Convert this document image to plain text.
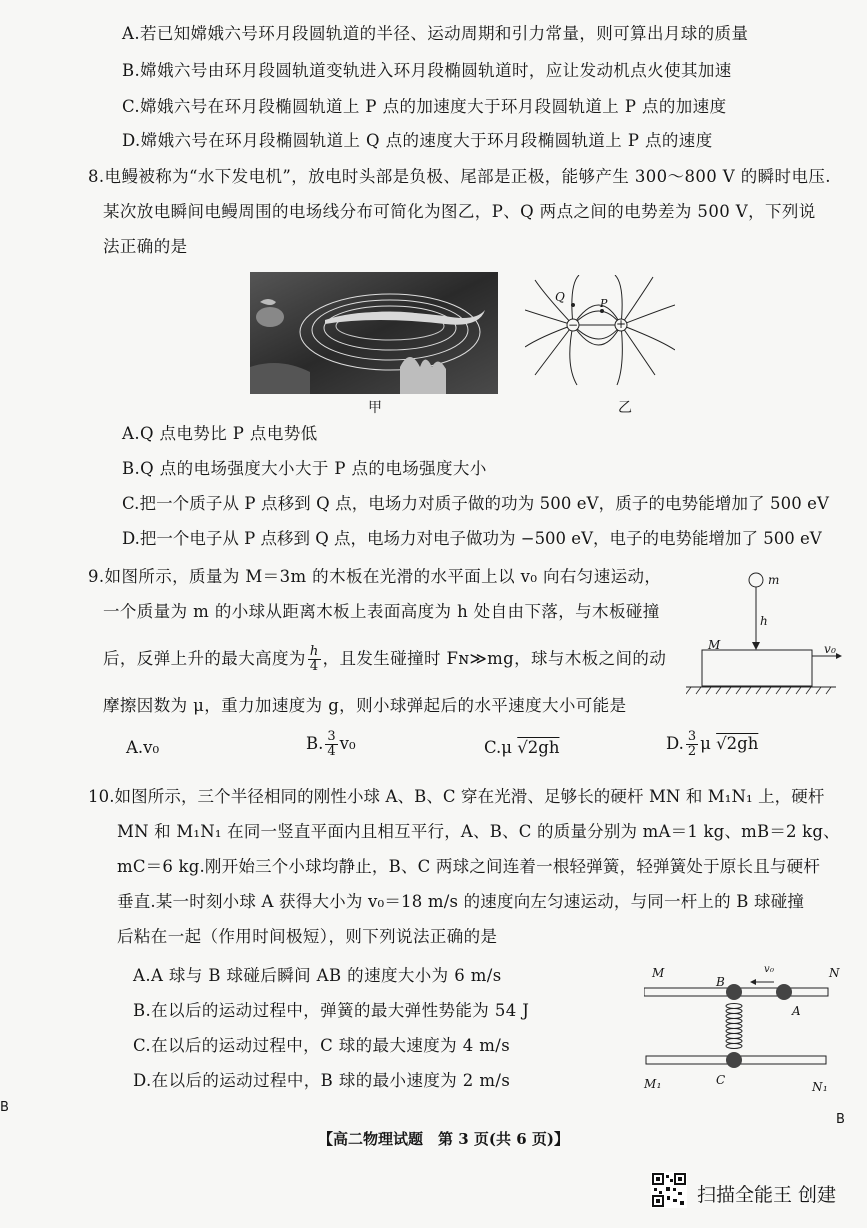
A.若已知嫦娥六号环月段圆轨道的半径、运动周期和引力常量，则可算出月球的质量
B.嫦娥六号由环月段圆轨道变轨进入环月段椭圆轨道时，应让发动机点火使其加速
C.嫦娥六号在环月段椭圆轨道上 P 点的加速度大于环月段圆轨道上 P 点的加速度
D.嫦娥六号在环月段椭圆轨道上 Q 点的速度大于环月段椭圆轨道上 P 点的速度
8.电鳗被称为“水下发电机”，放电时头部是负极、尾部是正极，能够产生 300～800 V 的瞬时电压.
某次放电瞬间电鳗周围的电场线分布可简化为图乙，P、Q 两点之间的电势差为 500 V，下列说
法正确的是
甲
Q	P
−	+
乙
A.Q 点电势比 P 点电势低
B.Q 点的电场强度大小大于 P 点的电场强度大小
C.把一个质子从 P 点移到 Q 点，电场力对质子做的功为 500 eV，质子的电势能增加了 500 eV
D.把一个电子从 P 点移到 Q 点，电场力对电子做功为 −500 eV，电子的电势能增加了 500 eV
9.如图所示，质量为 M＝3m 的木板在光滑的水平面上以 v₀ 向右匀速运动，
一个质量为 m 的小球从距离木板上表面高度为 h 处自由下落，与木板碰撞
后，反弹上升的最大高度为 $\frac{h}{4}$ ，且发生碰撞时 Fɴ≫mg，球与木板之间的动
摩擦因数为 μ，重力加速度为 g，则小球弹起后的水平速度大小可能是
m
h
M	v₀
A.v₀	B. $\frac{3}{4} v_0$	C.μ √2gh	D. $\frac{3}{2}$ μ √2gh
10.如图所示，三个半径相同的刚性小球 A、B、C 穿在光滑、足够长的硬杆 MN 和 M₁N₁ 上，硬杆
MN 和 M₁N₁ 在同一竖直平面内且相互平行，A、B、C 的质量分别为 mA＝1 kg、mB＝2 kg、
mC＝6 kg.刚开始三个小球均静止，B、C 两球之间连着一根轻弹簧，轻弹簧处于原长且与硬杆
垂直.某一时刻小球 A 获得大小为 v₀＝18 m/s 的速度向左匀速运动，与同一杆上的 B 球碰撞
后粘在一起（作用时间极短），则下列说法正确的是
A.A 球与 B 球碰后瞬间 AB 的速度大小为 6 m/s
B.在以后的运动过程中，弹簧的最大弹性势能为 54 J
C.在以后的运动过程中，C 球的最大速度为 4 m/s
D.在以后的运动过程中，B 球的最小速度为 2 m/s
M	N
B
v₀
A
C
M₁	N₁
B
【高二物理试题　第 3 页(共 6 页)】
B
扫描全能王 创建
